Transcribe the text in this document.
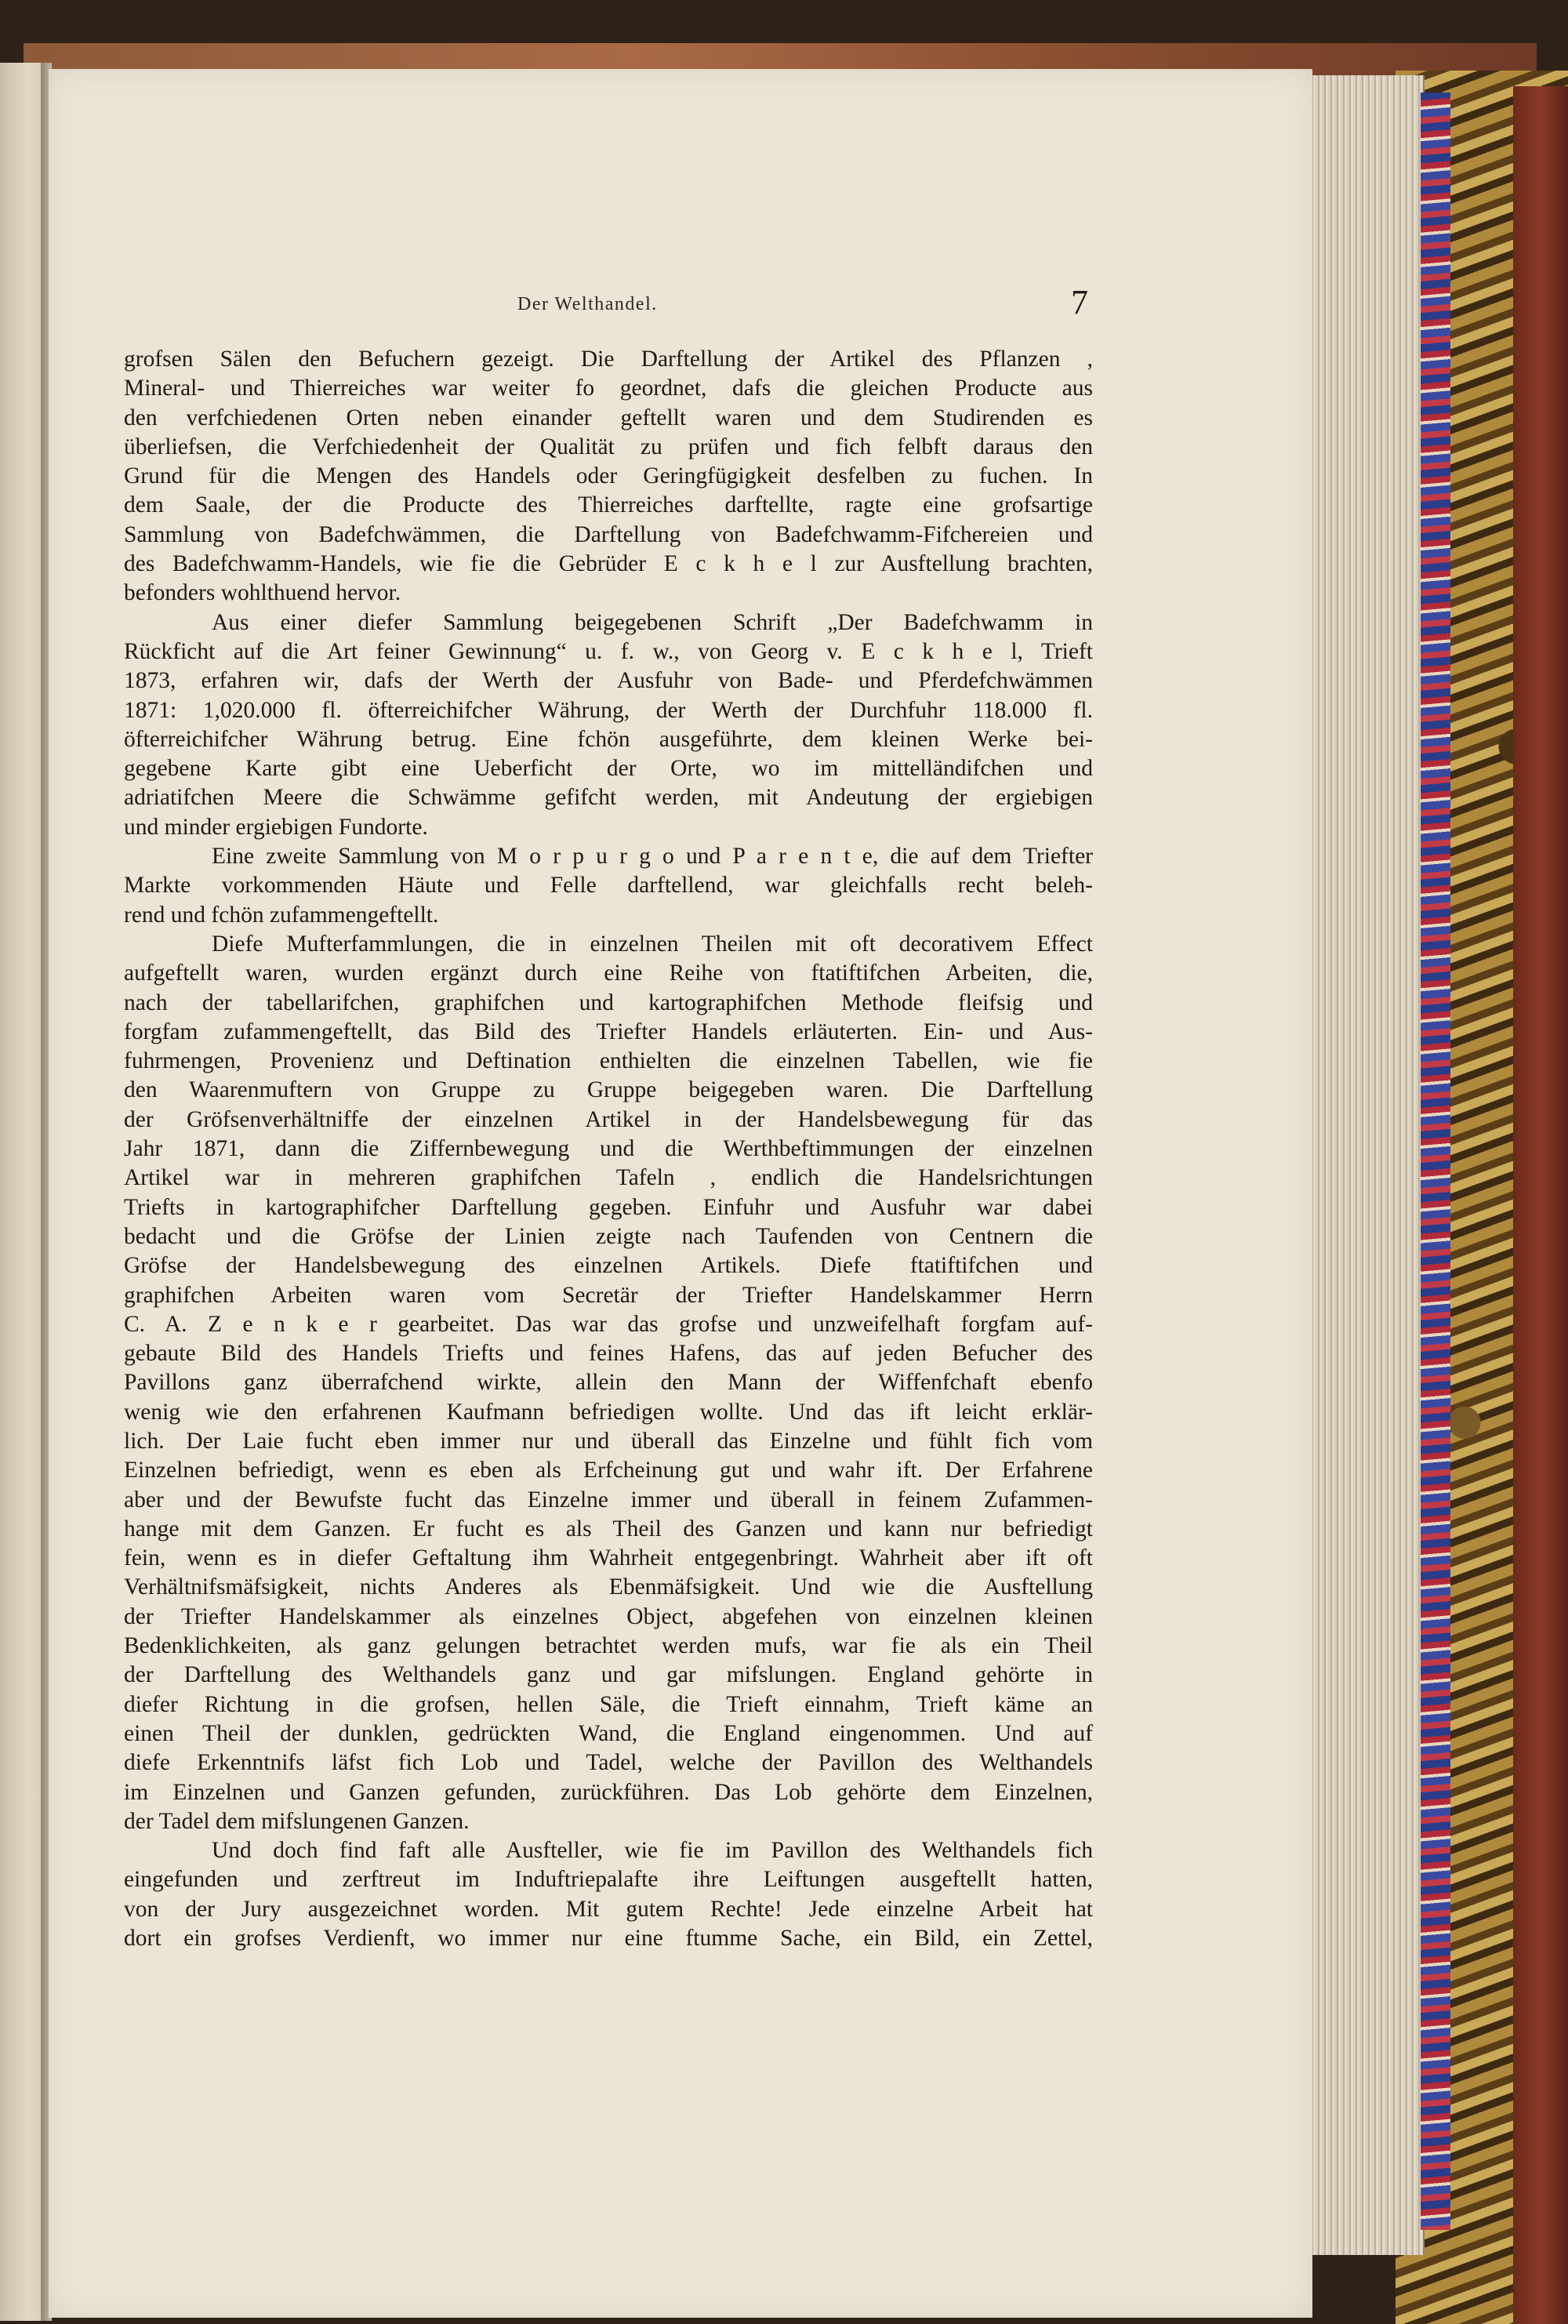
Der Welthandel.	7

grofsen Sälen den Befuchern gezeigt. Die Darftellung der Artikel des Pflanzen ,
Mineral- und Thierreiches war weiter fo geordnet, dafs die gleichen Producte aus
den verfchiedenen Orten neben einander geftellt waren und dem Studirenden es
überliefsen, die Verfchiedenheit der Qualität zu prüfen und fich felbft daraus den
Grund für die Mengen des Handels oder Geringfügigkeit desfelben zu fuchen. In
dem Saale, der die Producte des Thierreiches darftellte, ragte eine grofsartige
Sammlung von Badefchwämmen, die Darftellung von Badefchwamm-Fifchereien und
des Badefchwamm-Handels, wie fie die Gebrüder E c k h e l zur Ausftellung brachten,
befonders wohlthuend hervor.

Aus einer diefer Sammlung beigegebenen Schrift „Der Badefchwamm in
Rückficht auf die Art feiner Gewinnung“ u. f. w., von Georg v. E c k h e l, Trieft
1873, erfahren wir, dafs der Werth der Ausfuhr von Bade- und Pferdefchwämmen
1871: 1,020.000 fl. öfterreichifcher Währung, der Werth der Durchfuhr 118.000 fl.
öfterreichifcher Währung betrug. Eine fchön ausgeführte, dem kleinen Werke bei-
gegebene Karte gibt eine Ueberficht der Orte, wo im mittelländifchen und
adriatifchen Meere die Schwämme gefifcht werden, mit Andeutung der ergiebigen
und minder ergiebigen Fundorte.

Eine zweite Sammlung von M o r p u r g o und P a r e n t e, die auf dem Triefter
Markte vorkommenden Häute und Felle darftellend, war gleichfalls recht beleh-
rend und fchön zufammengeftellt.

Diefe Mufterfammlungen, die in einzelnen Theilen mit oft decorativem Effect
aufgeftellt waren, wurden ergänzt durch eine Reihe von ftatiftifchen Arbeiten, die,
nach der tabellarifchen, graphifchen und kartographifchen Methode fleifsig und
forgfam zufammengeftellt, das Bild des Triefter Handels erläuterten. Ein- und Aus-
fuhrmengen, Provenienz und Deftination enthielten die einzelnen Tabellen, wie fie
den Waarenmuftern von Gruppe zu Gruppe beigegeben waren. Die Darftellung
der Gröfsenverhältniffe der einzelnen Artikel in der Handelsbewegung für das
Jahr 1871, dann die Ziffernbewegung und die Werthbeftimmungen der einzelnen
Artikel war in mehreren graphifchen Tafeln , endlich die Handelsrichtungen
Triefts in kartographifcher Darftellung gegeben. Einfuhr und Ausfuhr war dabei
bedacht und die Gröfse der Linien zeigte nach Taufenden von Centnern die
Gröfse der Handelsbewegung des einzelnen Artikels. Diefe ftatiftifchen und
graphifchen Arbeiten waren vom Secretär der Triefter Handelskammer Herrn
C. A. Z e n k e r gearbeitet. Das war das grofse und unzweifelhaft forgfam auf-
gebaute Bild des Handels Triefts und feines Hafens, das auf jeden Befucher des
Pavillons ganz überrafchend wirkte, allein den Mann der Wiffenfchaft ebenfo
wenig wie den erfahrenen Kaufmann befriedigen wollte. Und das ift leicht erklär-
lich. Der Laie fucht eben immer nur und überall das Einzelne und fühlt fich vom
Einzelnen befriedigt, wenn es eben als Erfcheinung gut und wahr ift. Der Erfahrene
aber und der Bewufste fucht das Einzelne immer und überall in feinem Zufammen-
hange mit dem Ganzen. Er fucht es als Theil des Ganzen und kann nur befriedigt
fein, wenn es in diefer Geftaltung ihm Wahrheit entgegenbringt. Wahrheit aber ift oft
Verhältnifsmäfsigkeit, nichts Anderes als Ebenmäfsigkeit. Und wie die Ausftellung
der Triefter Handelskammer als einzelnes Object, abgefehen von einzelnen kleinen
Bedenklichkeiten, als ganz gelungen betrachtet werden mufs, war fie als ein Theil
der Darftellung des Welthandels ganz und gar mifslungen. England gehörte in
diefer Richtung in die grofsen, hellen Säle, die Trieft einnahm, Trieft käme an
einen Theil der dunklen, gedrückten Wand, die England eingenommen. Und auf
diefe Erkenntnifs läfst fich Lob und Tadel, welche der Pavillon des Welthandels
im Einzelnen und Ganzen gefunden, zurückführen. Das Lob gehörte dem Einzelnen,
der Tadel dem mifslungenen Ganzen.

Und doch find faft alle Ausfteller, wie fie im Pavillon des Welthandels fich
eingefunden und zerftreut im Induftriepalafte ihre Leiftungen ausgeftellt hatten,
von der Jury ausgezeichnet worden. Mit gutem Rechte! Jede einzelne Arbeit hat
dort ein grofses Verdienft, wo immer nur eine ftumme Sache, ein Bild, ein Zettel,
